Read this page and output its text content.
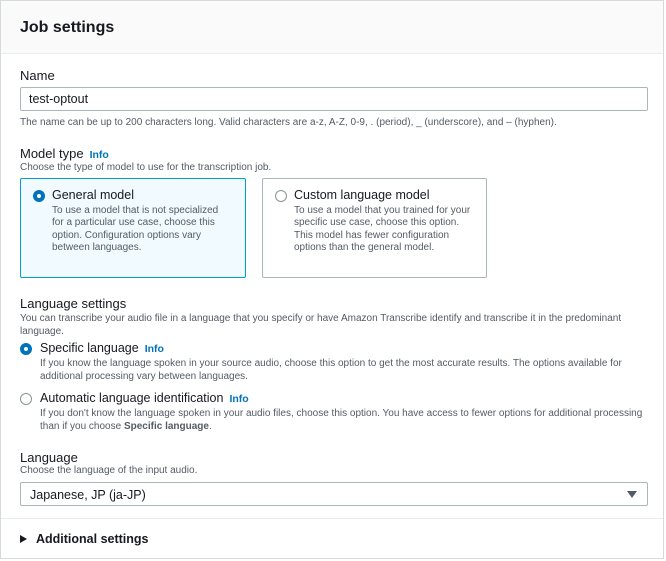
Job settings
Name
test-optout
The name can be up to 200 characters long. Valid characters are a-z, A-Z, 0-9, . (period), _ (underscore), and – (hyphen).
Model type Info
Choose the type of model to use for the transcription job.
General model
To use a model that is not specialized for a particular use case, choose this option. Configuration options vary between languages.
Custom language model
To use a model that you trained for your specific use case, choose this option. This model has fewer configuration options than the general model.
Language settings
You can transcribe your audio file in a language that you specify or have Amazon Transcribe identify and transcribe it in the predominant language.
Specific language Info
If you know the language spoken in your source audio, choose this option to get the most accurate results. The options available for additional processing vary between languages.
Automatic language identification Info
If you don't know the language spoken in your audio files, choose this option. You have access to fewer options for additional processing than if you choose Specific language.
Language
Choose the language of the input audio.
Japanese, JP (ja-JP)
Additional settings
